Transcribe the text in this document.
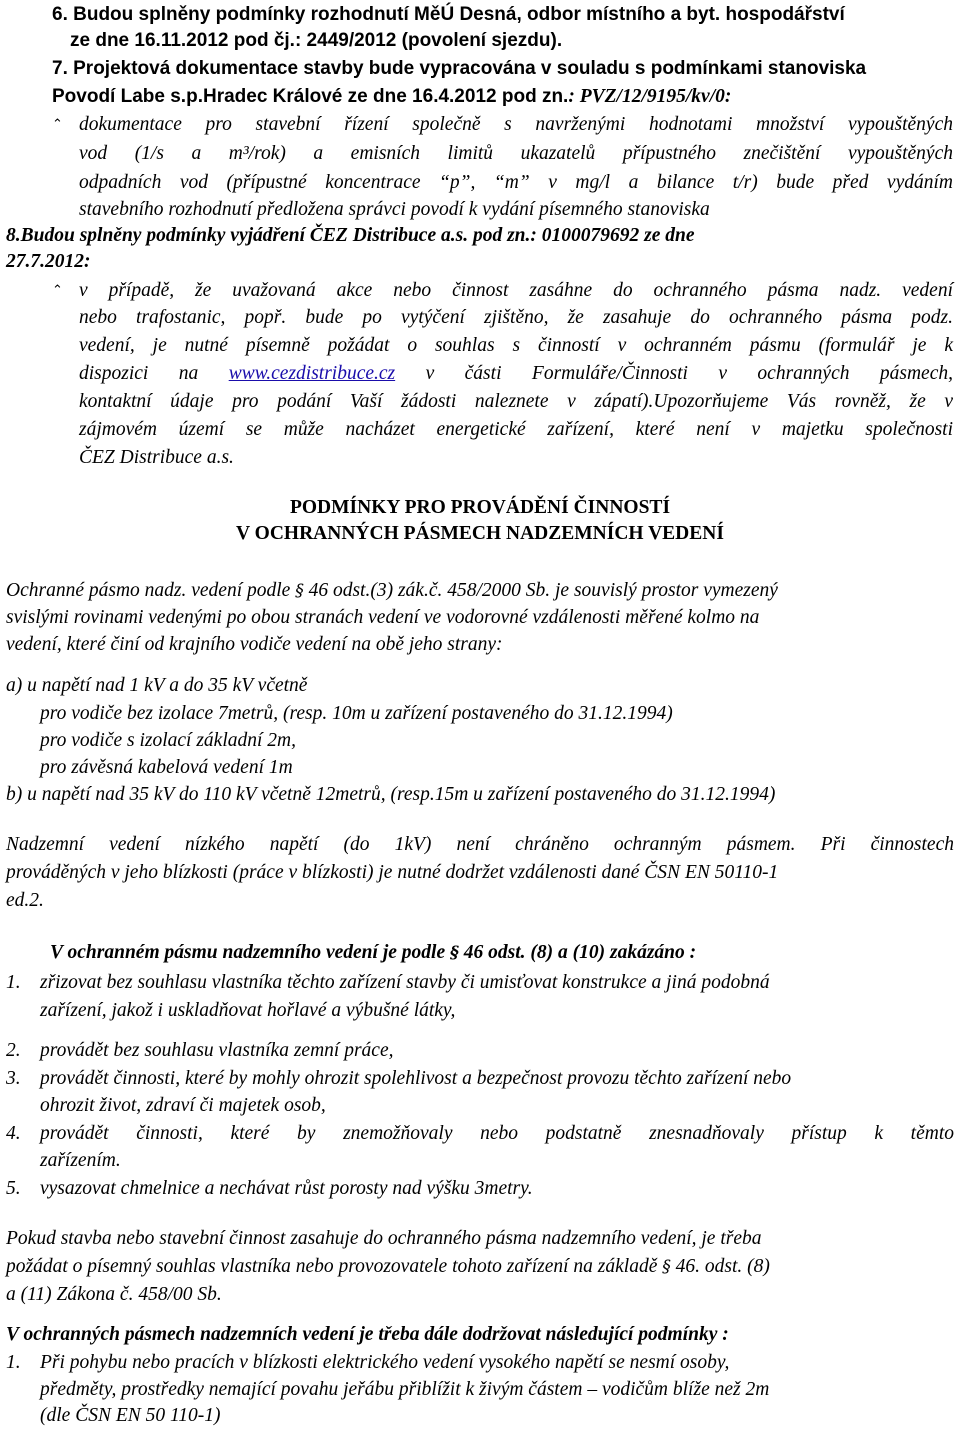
6. Budou splněny podmínky rozhodnutí MěÚ Desná, odbor místního a byt. hospodářství
ze dne 16.11.2012 pod čj.: 2449/2012 (povolení sjezdu).
7. Projektová dokumentace stavby bude vypracována v souladu s podmínkami stanoviska
Povodí Labe s.p.Hradec Králové ze dne 16.4.2012 pod zn.: PVZ/12/9195/kv/0:
⌃ dokumentace pro stavební řízení společně s navrženými hodnotami množství vypouštěných
vod (1/s a m³/rok) a emisních limitů ukazatelů přípustného znečištění vypouštěných
odpadních vod (přípustné koncentrace “p”, “m” v mg/l a bilance t/r) bude před vydáním
stavebního rozhodnutí předložena správci povodí k vydání písemného stanoviska
8.Budou splněny podmínky vyjádření ČEZ Distribuce a.s. pod zn.: 0100079692 ze dne
27.7.2012:
⌃ v případě, že uvažovaná akce nebo činnost zasáhne do ochranného pásma nadz. vedení
nebo trafostanic, popř. bude po vytýčení zjištěno, že zasahuje do ochranného pásma podz.
vedení, je nutné písemně požádat o souhlas s činností v ochranném pásmu (formulář je k
dispozici na www.cezdistribuce.cz v části Formuláře/Činnosti v ochranných pásmech,
kontaktní údaje pro podání Vaší žádosti naleznete v zápatí).Upozorňujeme Vás rovněž, že v
zájmovém území se může nacházet energetické zařízení, které není v majetku společnosti
ČEZ Distribuce a.s.
PODMÍNKY PRO PROVÁDĚNÍ ČINNOSTÍ
V OCHRANNÝCH PÁSMECH NADZEMNÍCH VEDENÍ
Ochranné pásmo nadz. vedení podle § 46 odst.(3) zák.č. 458/2000 Sb. je souvislý prostor vymezený
svislými rovinami vedenými po obou stranách vedení ve vodorovné vzdálenosti měřené kolmo na
vedení, které činí od krajního vodiče vedení na obě jeho strany:
a) u napětí nad 1 kV a do 35 kV včetně
pro vodiče bez izolace 7metrů, (resp. 10m u zařízení postaveného do 31.12.1994)
pro vodiče s izolací základní 2m,
pro závěsná kabelová vedení 1m
b) u napětí nad 35 kV do 110 kV včetně 12metrů, (resp.15m u zařízení postaveného do 31.12.1994)
Nadzemní vedení nízkého napětí (do 1kV) není chráněno ochranným pásmem. Při činnostech
prováděných v jeho blízkosti (práce v blízkosti) je nutné dodržet vzdálenosti dané ČSN EN 50110-1
ed.2.
V ochranném pásmu nadzemního vedení je podle § 46 odst. (8) a (10) zakázáno :
1. zřizovat bez souhlasu vlastníka těchto zařízení stavby či umisťovat konstrukce a jiná podobná
zařízení, jakož i uskladňovat hořlavé a výbušné látky,
2. provádět bez souhlasu vlastníka zemní práce,
3. provádět činnosti, které by mohly ohrozit spolehlivost a bezpečnost provozu těchto zařízení nebo
ohrozit život, zdraví či majetek osob,
4. provádět činnosti, které by znemožňovaly nebo podstatně znesnadňovaly přístup k těmto
zařízením.
5. vysazovat chmelnice a nechávat růst porosty nad výšku 3metry.
Pokud stavba nebo stavební činnost zasahuje do ochranného pásma nadzemního vedení, je třeba
požádat o písemný souhlas vlastníka nebo provozovatele tohoto zařízení na základě § 46. odst. (8)
a (11) Zákona č. 458/00 Sb.
V ochranných pásmech nadzemních vedení je třeba dále dodržovat následující podmínky :
1. Při pohybu nebo pracích v blízkosti elektrického vedení vysokého napětí se nesmí osoby,
předměty, prostředky nemající povahu jeřábu přiblížit k živým částem – vodičům blíže než 2m
(dle ČSN EN 50 110-1)
